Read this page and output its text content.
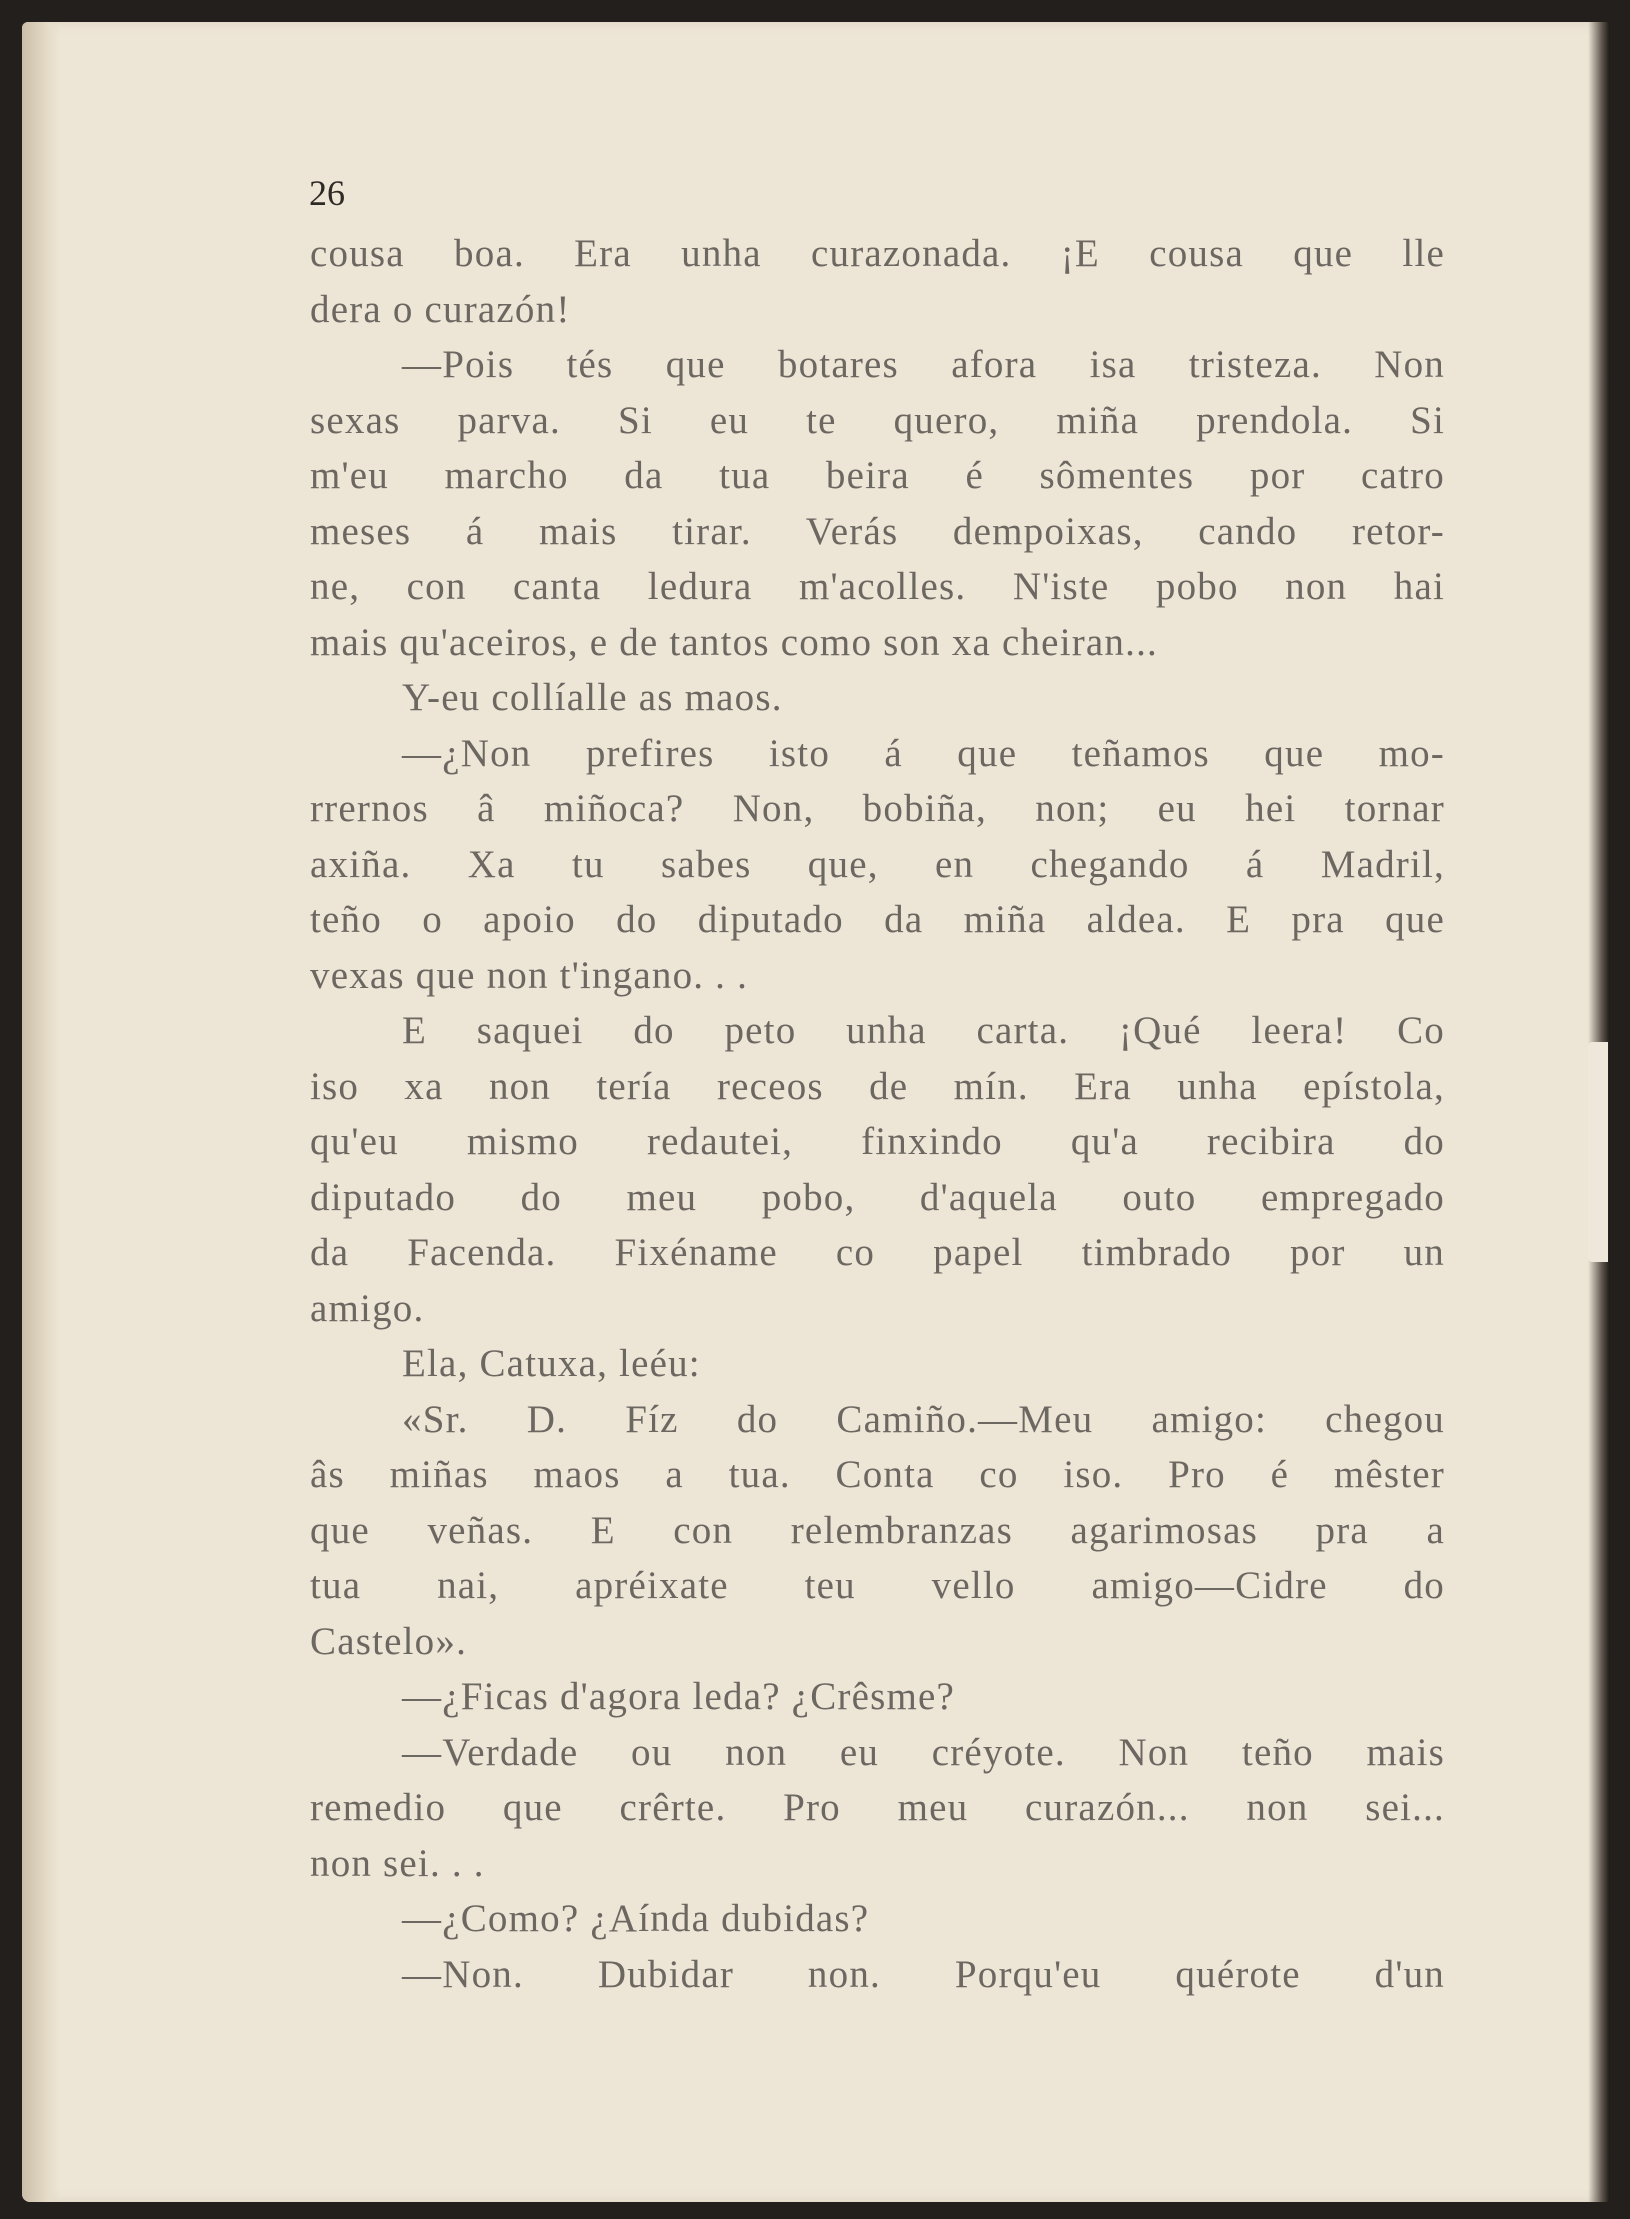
26

cousa boa. Era unha curazonada. ¡E cousa que lle
dera o curazón!
—Pois tés que botares afora isa tristeza. Non
sexas parva. Si eu te quero, miña prendola. Si
m'eu marcho da tua beira é sômentes por catro
meses á mais tirar. Verás dempoixas, cando retor-
ne, con canta ledura m'acolles. N'iste pobo non hai
mais qu'aceiros, e de tantos como son xa cheiran...
Y-eu collíalle as maos.
—¿Non prefires isto á que teñamos que mo-
rrernos â miñoca? Non, bobiña, non; eu hei tornar
axiña. Xa tu sabes que, en chegando á Madril,
teño o apoio do diputado da miña aldea. E pra que
vexas que non t'ingano. . .
E saquei do peto unha carta. ¡Qué leera! Co
iso xa non tería receos de mín. Era unha epístola,
qu'eu mismo redautei, finxindo qu'a recibira do
diputado do meu pobo, d'aquela outo empregado
da Facenda. Fixéname co papel timbrado por un
amigo.
Ela, Catuxa, leéu:
«Sr. D. Fíz do Camiño.—Meu amigo: chegou
âs miñas maos a tua. Conta co iso. Pro é mêster
que veñas. E con relembranzas agarimosas pra a
tua nai, apréixate teu vello amigo—Cidre do
Castelo».
—¿Ficas d'agora leda? ¿Crêsme?
—Verdade ou non eu créyote. Non teño mais
remedio que crêrte. Pro meu curazón... non sei...
non sei. . .
—¿Como? ¿Aínda dubidas?
—Non. Dubidar non. Porqu'eu quérote d'un
